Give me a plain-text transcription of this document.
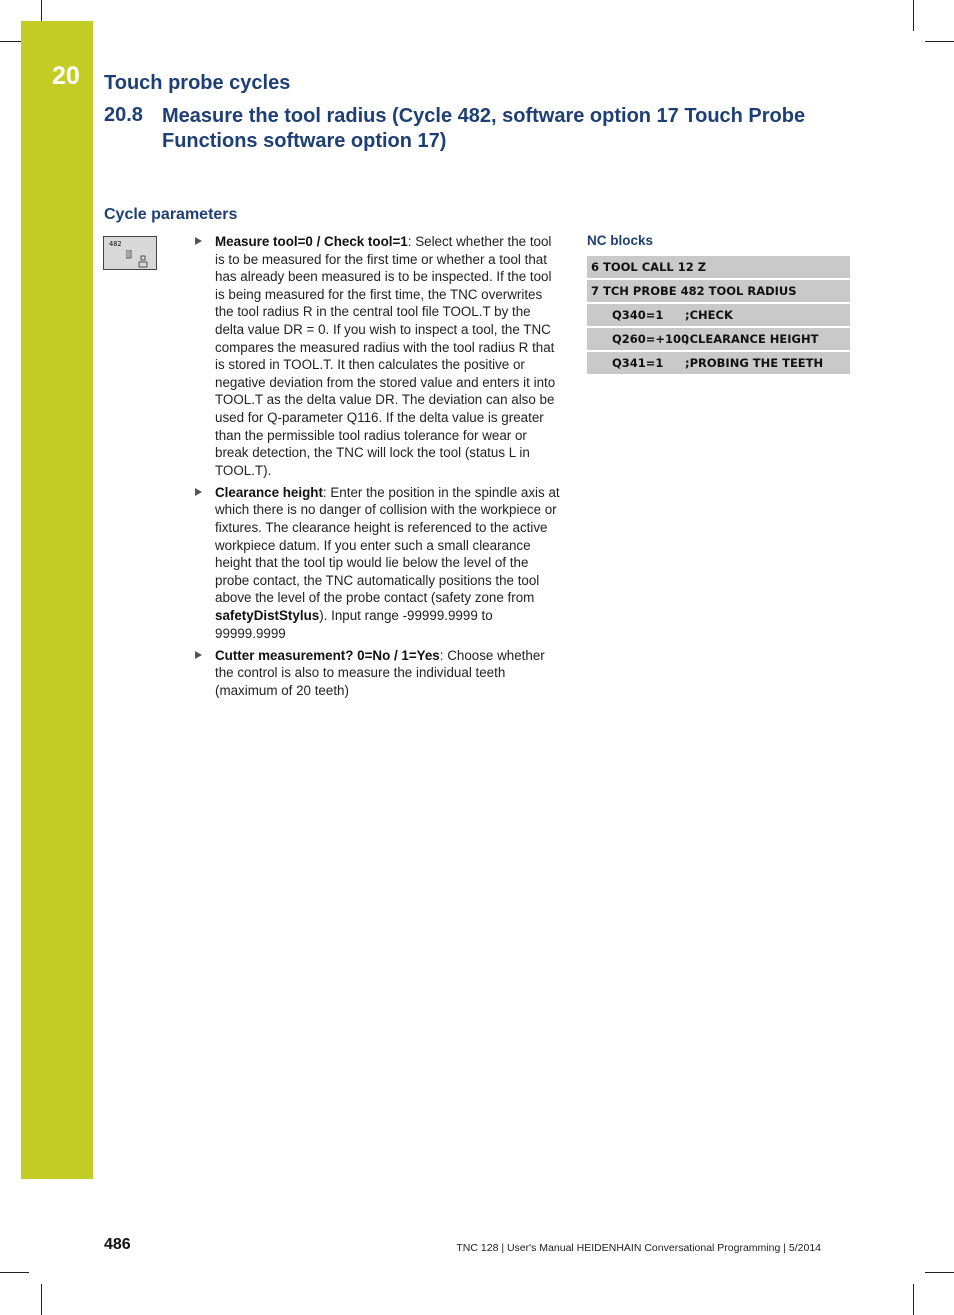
20 Touch probe cycles
20.8 Measure the tool radius (Cycle 482, software option 17 Touch Probe Functions software option 17)
Cycle parameters
482	Measure tool=0 / Check tool=1: Select whether the tool is to be measured for the first time or whether a tool that has already been measured is to be inspected. If the tool is being measured for the first time, the TNC overwrites the tool radius R in the central tool file TOOL.T by the delta value DR = 0. If you wish to inspect a tool, the TNC compares the measured radius with the tool radius R that is stored in TOOL.T. It then calculates the positive or negative deviation from the stored value and enters it into TOOL.T as the delta value DR. The deviation can also be used for Q-parameter Q116. If the delta value is greater than the permissible tool radius tolerance for wear or break detection, the TNC will lock the tool (status L in TOOL.T).
Clearance height: Enter the position in the spindle axis at which there is no danger of collision with the workpiece or fixtures. The clearance height is referenced to the active workpiece datum. If you enter such a small clearance height that the tool tip would lie below the level of the probe contact, the TNC automatically positions the tool above the level of the probe contact (safety zone from safetyDistStylus). Input range -99999.9999 to 99999.9999
Cutter measurement? 0=No / 1=Yes: Choose whether the control is also to measure the individual teeth (maximum of 20 teeth)
NC blocks
6 TOOL CALL 12 Z
7 TCH PROBE 482 TOOL RADIUS
Q340=1 ;CHECK
Q260=+100
;CLEARANCE HEIGHT
Q341=1 ;PROBING THE TEETH
486	TNC 128 | User's Manual HEIDENHAIN Conversational Programming | 5/2014
